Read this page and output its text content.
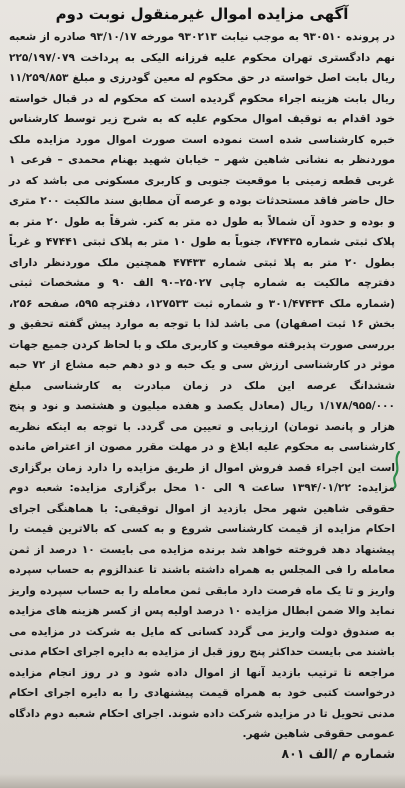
آگهی مزایده اموال غیرمنقول نوبت دوم

در پرونده ۹۳۰۵۱۰ به موجب نیابت ۹۳۰۲۱۳ مورخه ۹۳/۱۰/۱۷ صادره از شعبه نهم دادگستری تهران محکوم علیه فرزانه الیکی به پرداخت ۲۲۵/۱۹۷/۰۷۹ ریال بابت اصل خواسته در حق محکوم له معین گودرزی و مبلغ ۱۱/۲۵۹/۸۵۳ ریال بابت هزینه اجراء محکوم گردیده است که محکوم له در قبال خواسته خود اقدام به توقیف اموال محکوم علیه که به شرح زیر توسط کارشناس خبره کارشناسی شده است نموده است صورت اموال مورد مزایده ملک موردنظر به نشانی شاهین شهر – خیابان شهید بهنام محمدی – فرعی ۱ غربی قطعه زمینی با موقعیت جنوبی و کاربری مسکونی می باشد که در حال حاضر فاقد مستحدثات بوده و عرصه آن مطابق سند مالکیت ۲۰۰ متری و بوده و حدود آن شمالاً به طول ده متر به کنر. شرقاً به طول ۲۰ متر به پلاک ثبتی شماره ۴۷۴۳۵، جنوباً به طول ۱۰ متر به پلاک ثبتی ۴۷۴۴۱ و غرباً بطول ۲۰ متر به پلا ثبتی شماره ۴۷۴۳۳ همچنین ملک موردنظر دارای دفترچه مالکیت به شماره چاپی ۲۵۰۲۷–۹۰ الف ۹۰ و مشخصات ثبتی (شماره ملک ۳۰۱/۴۷۴۳۴ و شماره ثبت ۱۲۷۵۳۳، دفترچه ۵۹۵، صفحه ۲۵۶، بخش ۱۶ ثبت اصفهان) می باشد لذا با توجه به موارد پیش گفته تحقیق و بررسی صورت پذیرفته موقعیت و کاربری ملک و با لحاظ کردن جمیع جهات موثر در کارشناسی ارزش سی و یک حبه و دو دهم حبه مشاع از ۷۲ حبه ششدانگ عرصه این ملک در زمان مبادرت به کارشناسی مبلغ ۱/۱۷۸/۹۵۵/۰۰۰ ریال (معادل یکصد و هفده میلیون و هشتصد و نود و پنج هزار و پانصد تومان) ارزیابی و تعیین می گردد. با توجه به اینکه نظریه کارشناسی به محکوم علیه ابلاغ و در مهلت مقرر مصون از اعتراض مانده است این اجراء قصد فروش اموال از طریق مزایده را دارد زمان برگزاری مزایده: ۱۳۹۴/۰۱/۲۲ ساعت ۹ الی ۱۰ محل برگزاری مزایده: شعبه دوم حقوقی شاهین شهر محل بازدید از اموال توقیفی: با هماهنگی اجرای احکام مزایده از قیمت کارشناسی شروع و به کسی که بالاترین قیمت را پیشنهاد دهد فروخته خواهد شد برنده مزایده می بایست ۱۰ درصد از ثمن معامله را فی المجلس به همراه داشته باشند تا عندالزوم به حساب سپرده واریز و تا یک ماه فرصت دارد مابقی ثمن معامله را به حساب سپرده واریز نماید والا ضمن ابطال مزایده ۱۰ درصد اولیه پس از کسر هزینه های مزایده به صندوق دولت واریز می گردد کسانی که مایل به شرکت در مزایده می باشند می بایست حداکثر پنج روز قبل از مزایده به دایره اجرای احکام مدنی مراجعه تا ترتیب بازدید آنها از اموال داده شود و در روز انجام مزایده درخواست کتبی خود به همراه قیمت پیشنهادی را به دایره اجرای احکام مدنی تحویل تا در مزایده شرکت داده شوند. اجرای احکام شعبه دوم دادگاه عمومی حقوقی شاهین شهر.

شماره م /الف ۸۰۱
